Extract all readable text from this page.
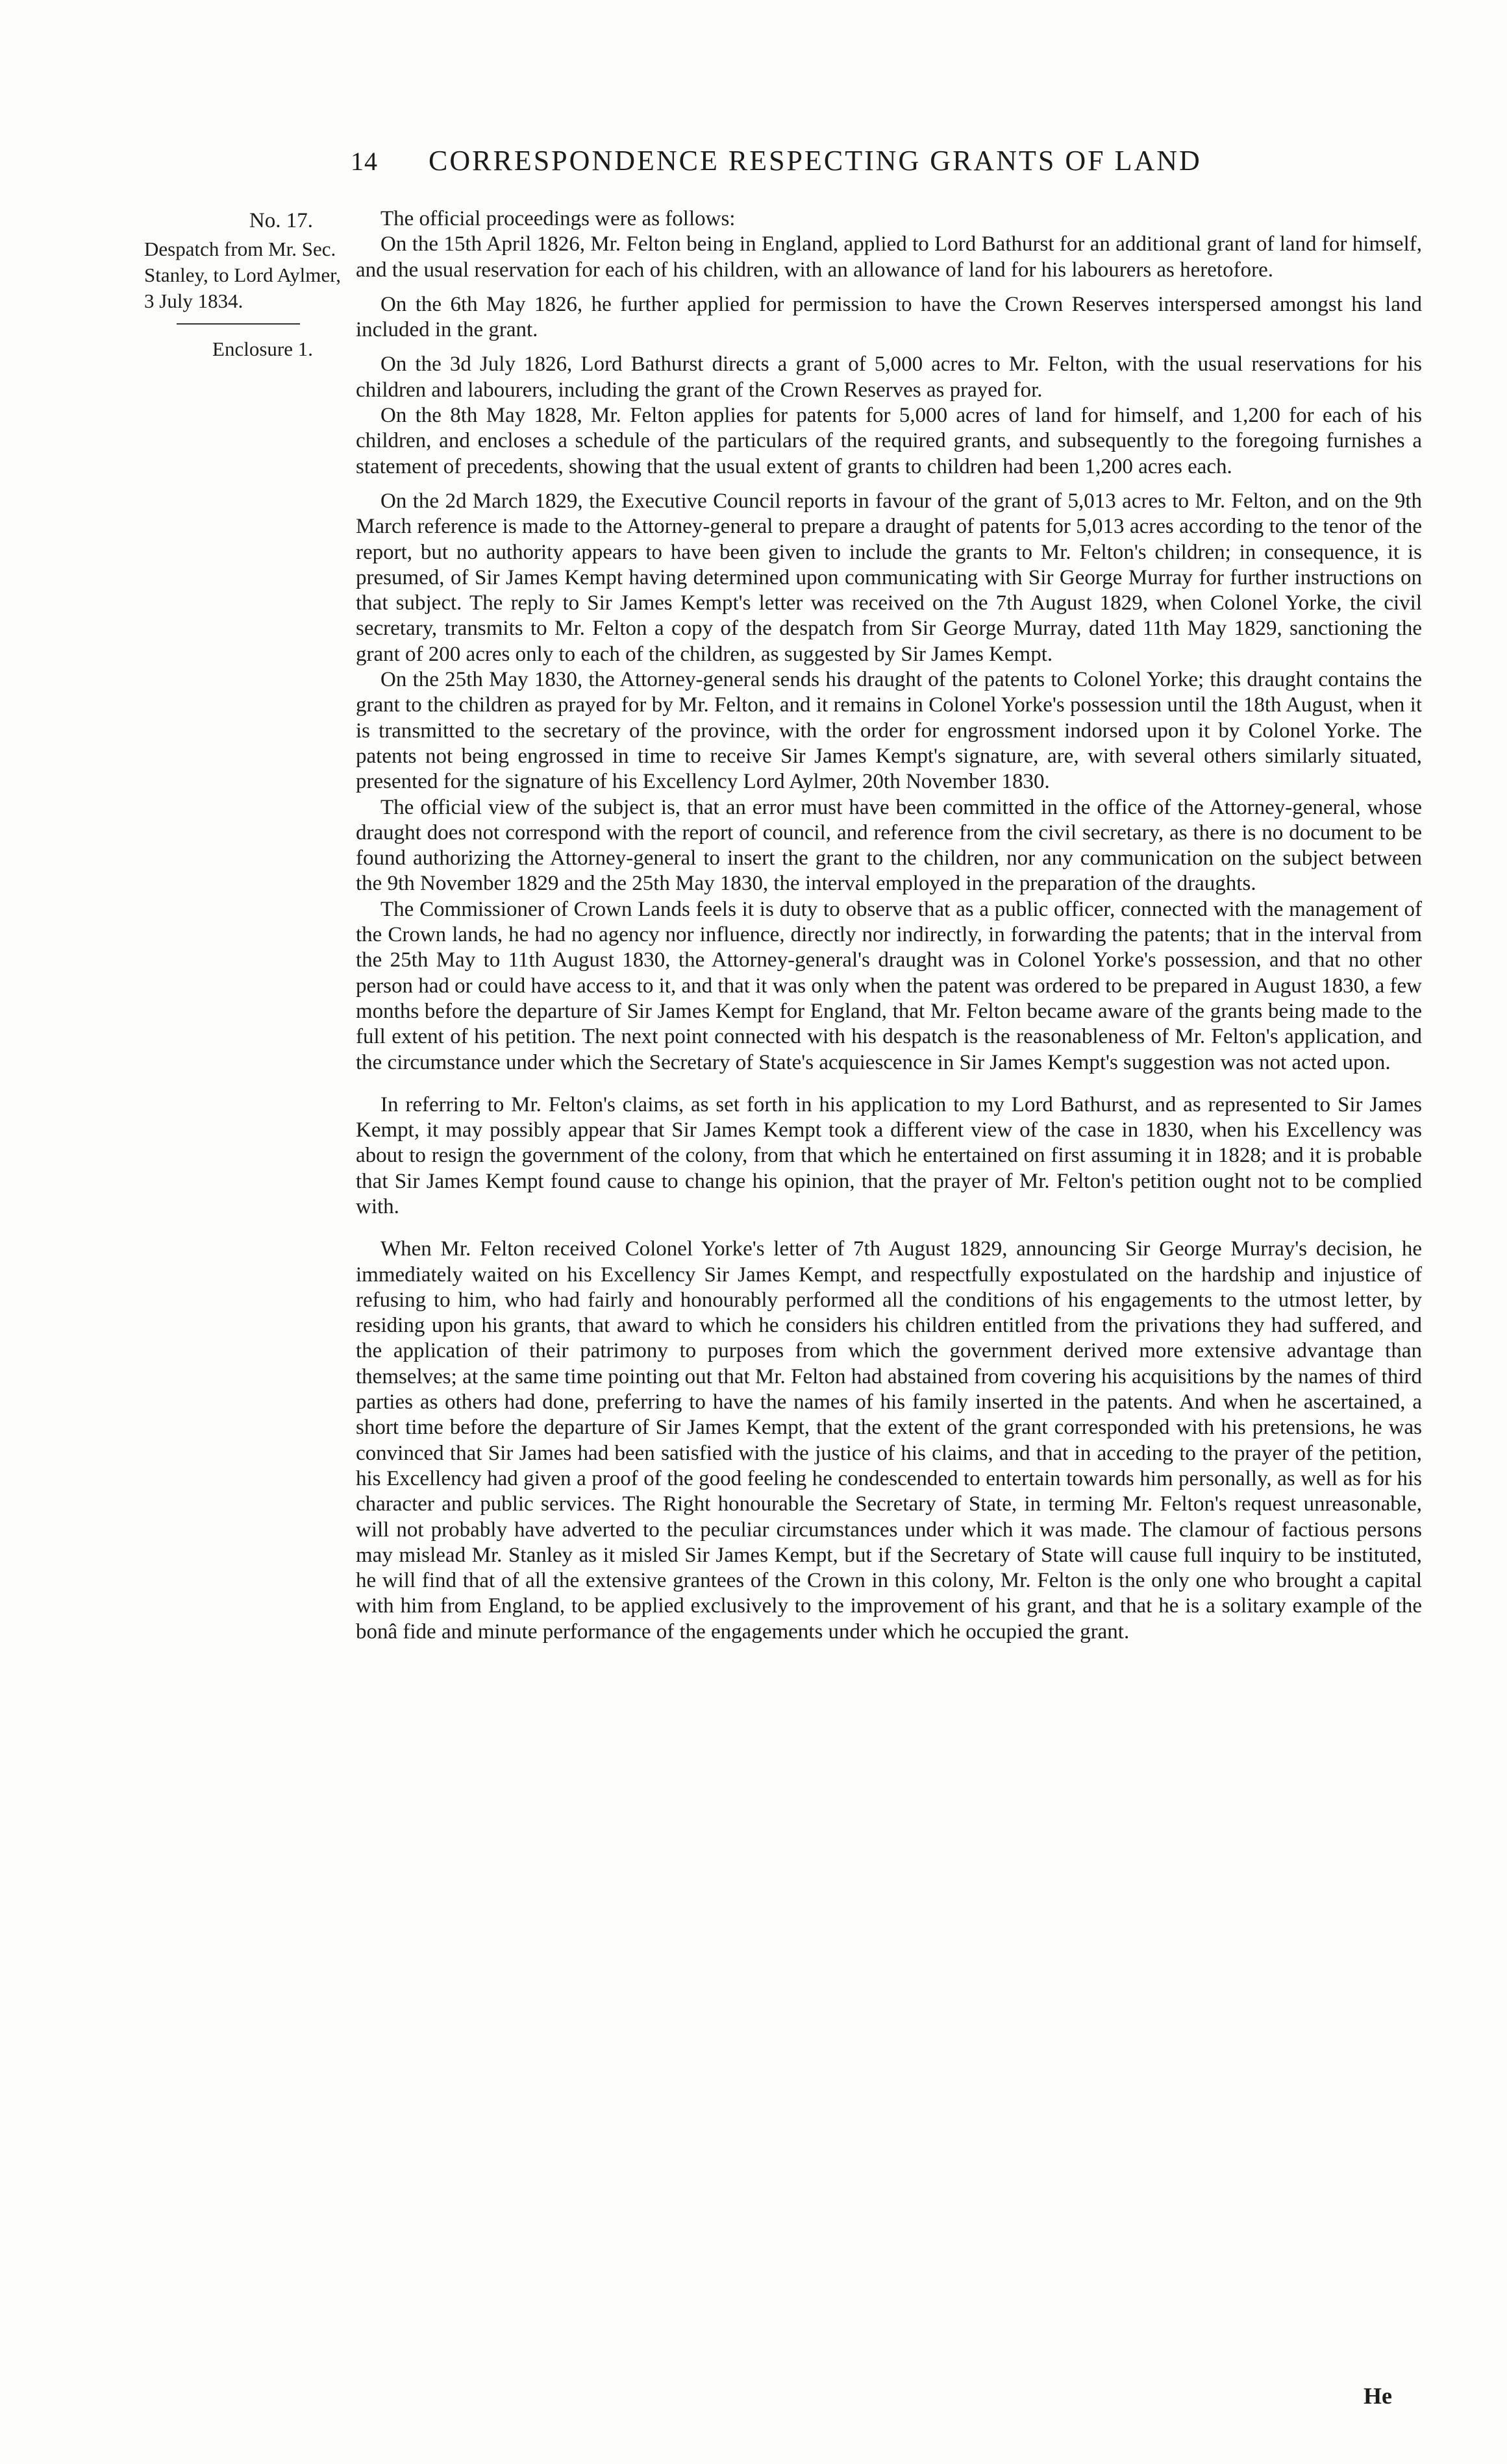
14	CORRESPONDENCE RESPECTING GRANTS OF LAND
No. 17.
Despatch from Mr. Sec. Stanley, to Lord Aylmer, 3 July 1834.
Enclosure 1.

The official proceedings were as follows:

On the 15th April 1826, Mr. Felton being in England, applied to Lord Bathurst for an additional grant of land for himself, and the usual reservation for each of his children, with an allowance of land for his labourers as heretofore.

On the 6th May 1826, he further applied for permission to have the Crown Reserves interspersed amongst his land included in the grant.

On the 3d July 1826, Lord Bathurst directs a grant of 5,000 acres to Mr. Felton, with the usual reservations for his children and labourers, including the grant of the Crown Reserves as prayed for.

On the 8th May 1828, Mr. Felton applies for patents for 5,000 acres of land for himself, and 1,200 for each of his children, and encloses a schedule of the particulars of the required grants, and subsequently to the foregoing furnishes a statement of precedents, showing that the usual extent of grants to children had been 1,200 acres each.

On the 2d March 1829, the Executive Council reports in favour of the grant of 5,013 acres to Mr. Felton, and on the 9th March reference is made to the Attorney-general to prepare a draught of patents for 5,013 acres according to the tenor of the report, but no authority appears to have been given to include the grants to Mr. Felton's children; in consequence, it is presumed, of Sir James Kempt having determined upon communicating with Sir George Murray for further instructions on that subject. The reply to Sir James Kempt's letter was received on the 7th August 1829, when Colonel Yorke, the civil secretary, transmits to Mr. Felton a copy of the despatch from Sir George Murray, dated 11th May 1829, sanctioning the grant of 200 acres only to each of the children, as suggested by Sir James Kempt.

On the 25th May 1830, the Attorney-general sends his draught of the patents to Colonel Yorke; this draught contains the grant to the children as prayed for by Mr. Felton, and it remains in Colonel Yorke's possession until the 18th August, when it is transmitted to the secretary of the province, with the order for engrossment indorsed upon it by Colonel Yorke. The patents not being engrossed in time to receive Sir James Kempt's signature, are, with several others similarly situated, presented for the signature of his Excellency Lord Aylmer, 20th November 1830.

The official view of the subject is, that an error must have been committed in the office of the Attorney-general, whose draught does not correspond with the report of council, and reference from the civil secretary, as there is no document to be found authorizing the Attorney-general to insert the grant to the children, nor any communication on the subject between the 9th November 1829 and the 25th May 1830, the interval employed in the preparation of the draughts.

The Commissioner of Crown Lands feels it is duty to observe that as a public officer, connected with the management of the Crown lands, he had no agency nor influence, directly nor indirectly, in forwarding the patents; that in the interval from the 25th May to 11th August 1830, the Attorney-general's draught was in Colonel Yorke's possession, and that no other person had or could have access to it, and that it was only when the patent was ordered to be prepared in August 1830, a few months before the departure of Sir James Kempt for England, that Mr. Felton became aware of the grants being made to the full extent of his petition. The next point connected with his despatch is the reasonableness of Mr. Felton's application, and the circumstance under which the Secretary of State's acquiescence in Sir James Kempt's suggestion was not acted upon.

In referring to Mr. Felton's claims, as set forth in his application to my Lord Bathurst, and as represented to Sir James Kempt, it may possibly appear that Sir James Kempt took a different view of the case in 1830, when his Excellency was about to resign the government of the colony, from that which he entertained on first assuming it in 1828; and it is probable that Sir James Kempt found cause to change his opinion, that the prayer of Mr. Felton's petition ought not to be complied with.

When Mr. Felton received Colonel Yorke's letter of 7th August 1829, announcing Sir George Murray's decision, he immediately waited on his Excellency Sir James Kempt, and respectfully expostulated on the hardship and injustice of refusing to him, who had fairly and honourably performed all the conditions of his engagements to the utmost letter, by residing upon his grants, that award to which he considers his children entitled from the privations they had suffered, and the application of their patrimony to purposes from which the government derived more extensive advantage than themselves; at the same time pointing out that Mr. Felton had abstained from covering his acquisitions by the names of third parties as others had done, preferring to have the names of his family inserted in the patents. And when he ascertained, a short time before the departure of Sir James Kempt, that the extent of the grant corresponded with his pretensions, he was convinced that Sir James had been satisfied with the justice of his claims, and that in acceding to the prayer of the petition, his Excellency had given a proof of the good feeling he condescended to entertain towards him personally, as well as for his character and public services. The Right honourable the Secretary of State, in terming Mr. Felton's request unreasonable, will not probably have adverted to the peculiar circumstances under which it was made. The clamour of factious persons may mislead Mr. Stanley as it misled Sir James Kempt, but if the Secretary of State will cause full inquiry to be instituted, he will find that of all the extensive grantees of the Crown in this colony, Mr. Felton is the only one who brought a capital with him from England, to be applied exclusively to the improvement of his grant, and that he is a solitary example of the bonâ fide and minute performance of the engagements under which he occupied the grant.

He
